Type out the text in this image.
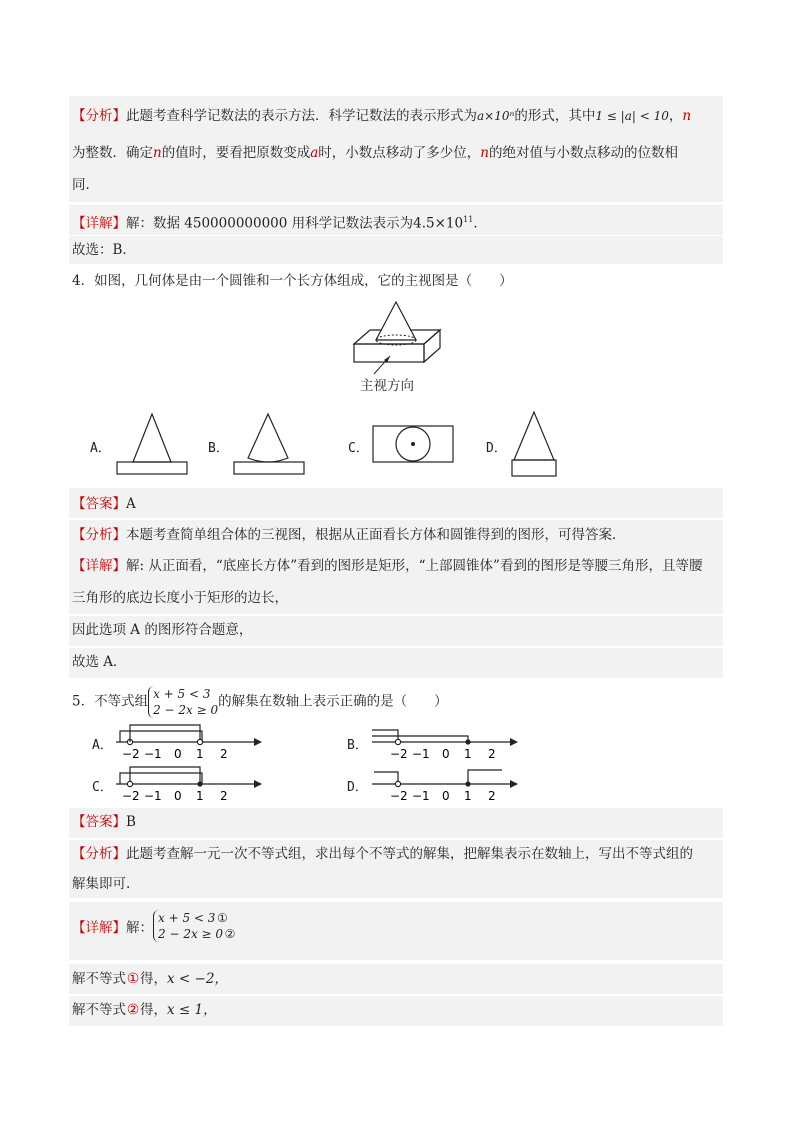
【分析】此题考查科学记数法的表示方法．科学记数法的表示形式为a×10ⁿ的形式，其中1 ≤ |a| < 10，n
为整数．确定n的值时，要看把原数变成a时，小数点移动了多少位，n的绝对值与小数点移动的位数相
同．
【详解】解：数据 450000000000 用科学记数法表示为$4.5\times 10^{11}$．
故选：B．
4．如图，几何体是由一个圆锥和一个长方体组成，它的主视图是（　　）
主视方向
A．	B．	C．	D．
【答案】A
【分析】本题考查简单组合体的三视图，根据从正面看长方体和圆锥得到的图形，可得答案．
【详解】解: 从正面看，“底座长方体”看到的图形是矩形，“上部圆锥体”看到的图形是等腰三角形，且等腰
三角形的底边长度小于矩形的边长，
因此选项 A 的图形符合题意，
故选 A．
5．不等式组 x + 5 < 3
2 − 2x ≥ 0的解集在数轴上表示正确的是（　　）
A．
−2 −1 0 1 2
B．
−2 −1 0 1 2
C．
−2 −1 0 1 2
D．
−2 −1 0 1 2
【答案】B
【分析】此题考查解一元一次不等式组，求出每个不等式的解集，把解集表示在数轴上，写出不等式组的
解集即可.
【详解】解：x + 5 < 3 ①
2 − 2x ≥ 0 ②
解不等式①得，x < −2，
解不等式②得，x ≤ 1，
